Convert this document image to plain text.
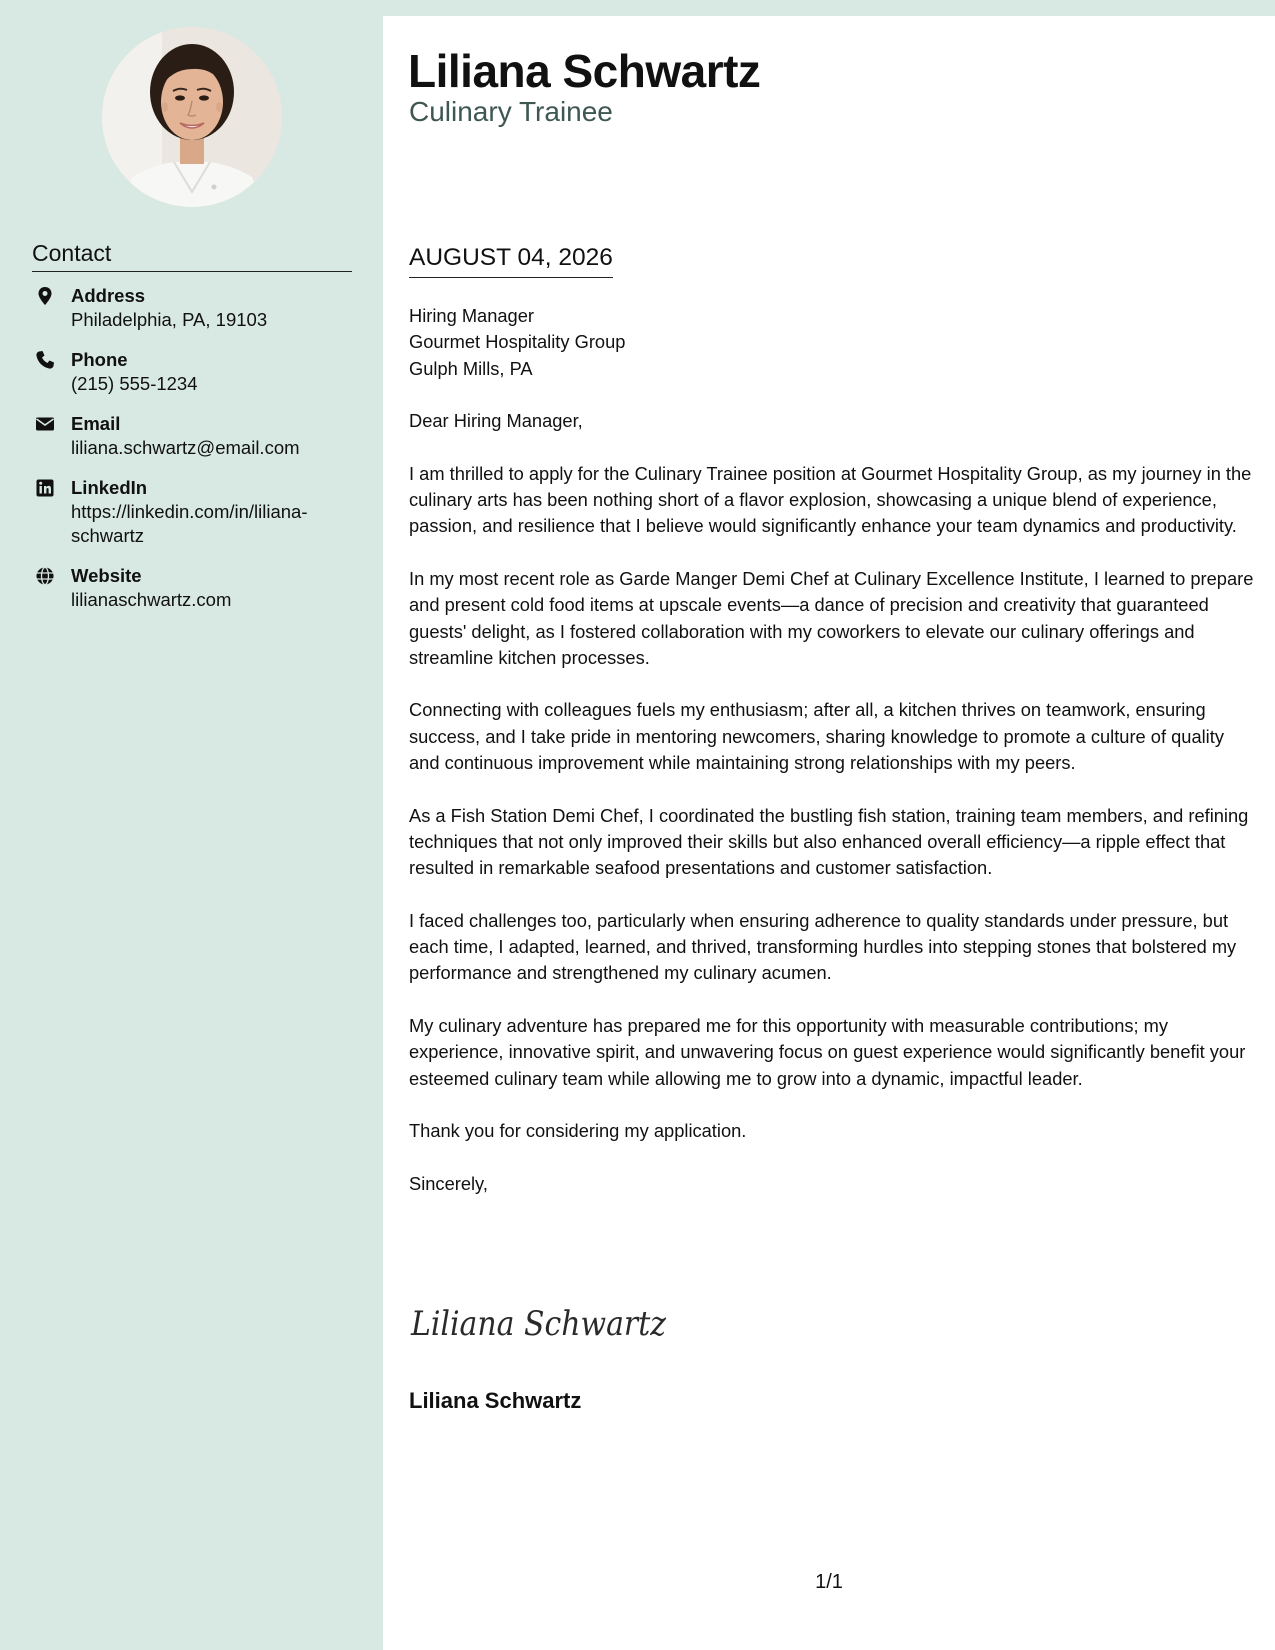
Contact
Address
Philadelphia, PA, 19103
Phone
(215) 555-1234
Email
liliana.schwartz@email.com
LinkedIn
https://linkedin.com/in/liliana-schwartz
Website
lilianaschwartz.com
Liliana Schwartz
Culinary Trainee
AUGUST 04, 2026
Hiring Manager
Gourmet Hospitality Group
Gulph Mills, PA

Dear Hiring Manager,

I am thrilled to apply for the Culinary Trainee position at Gourmet Hospitality Group, as my journey in the culinary arts has been nothing short of a flavor explosion, showcasing a unique blend of experience, passion, and resilience that I believe would significantly enhance your team dynamics and productivity.

In my most recent role as Garde Manger Demi Chef at Culinary Excellence Institute, I learned to prepare and present cold food items at upscale events—a dance of precision and creativity that guaranteed guests' delight, as I fostered collaboration with my coworkers to elevate our culinary offerings and streamline kitchen processes.

Connecting with colleagues fuels my enthusiasm; after all, a kitchen thrives on teamwork, ensuring success, and I take pride in mentoring newcomers, sharing knowledge to promote a culture of quality and continuous improvement while maintaining strong relationships with my peers.

As a Fish Station Demi Chef, I coordinated the bustling fish station, training team members, and refining techniques that not only improved their skills but also enhanced overall efficiency—a ripple effect that resulted in remarkable seafood presentations and customer satisfaction.

I faced challenges too, particularly when ensuring adherence to quality standards under pressure, but each time, I adapted, learned, and thrived, transforming hurdles into stepping stones that bolstered my performance and strengthened my culinary acumen.

My culinary adventure has prepared me for this opportunity with measurable contributions; my experience, innovative spirit, and unwavering focus on guest experience would significantly benefit your esteemed culinary team while allowing me to grow into a dynamic, impactful leader.

Thank you for considering my application.

Sincerely,

Liliana Schwartz
Liliana Schwartz
1/1
